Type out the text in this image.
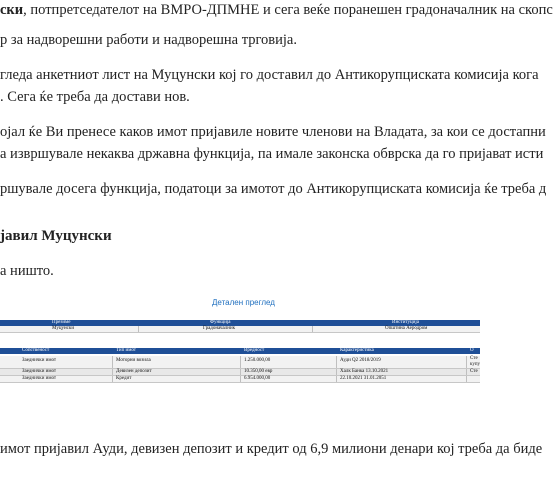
ски, потпретседателот на ВМРО-ДПМНЕ и сега веќе поранешен градоначалник на скопс
р за надворешни работи и надворешна трговија.
гледа анкетниот лист на Муцунски кој го доставил до Антикорупциската комисија кога
. Сега ќе треба да достави нов.
ојал ќе Ви пренесе каков имот пријавиле новите членови на Владата, за кои се достапни
а извршувале некаква државна функција, па имале законска обврска да го пријават исти
ршувале досега функција, податоци за имотот до Антикорупциската комисија ќе треба д
јавил Муцунски
а ништо.
Детален преглед
Презиме	Функција	Институција
Муцунски	Градоначалник	Општина Аеродром
Сопственост	Тип имот	Вредност	Карактеристика	О
Заеднички имот	Моторни возила	1.250.000,00	Ауди Q2 2018/2019	Сте
купу
Заеднички имот	Девизен депозит	10.350,00 евр	Халк Банка 13.10.2021	Сте
Заеднички имот	Кредит	6.954.000,00	22.10.2021 31.01.2051
имот пријавил Ауди, девизен депозит и кредит од 6,9 милиони денари кој треба да биде
